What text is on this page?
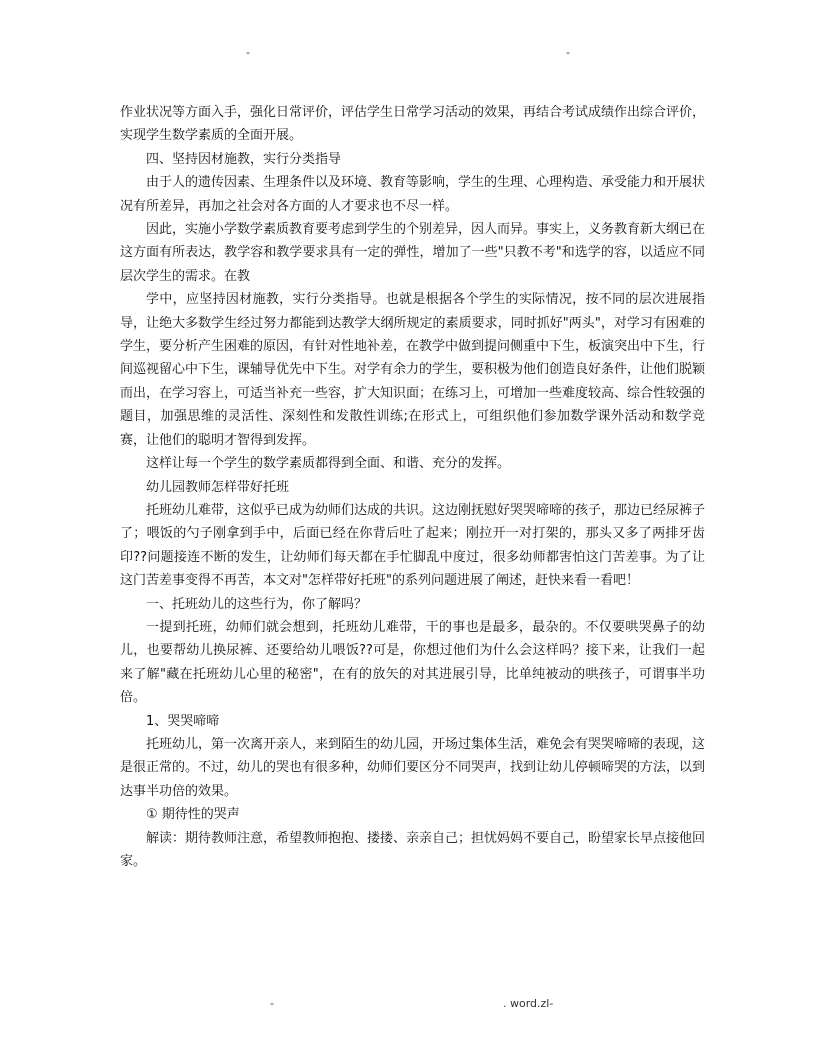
-	-

作业状况等方面入手，强化日常评价，评估学生日常学习活动的效果，再结合考试成绩作出综合评价，实现学生数学素质的全面开展。

四、坚持因材施教，实行分类指导

由于人的遗传因素、生理条件以及环境、教育等影响，学生的生理、心理构造、承受能力和开展状况有所差异，再加之社会对各方面的人才要求也不尽一样。

因此，实施小学数学素质教育要考虑到学生的个别差异，因人而异。事实上，义务教育新大纲已在这方面有所表达，教学容和教学要求具有一定的弹性，增加了一些"只教不考"和选学的容，以适应不同层次学生的需求。在教

学中，应坚持因材施教，实行分类指导。也就是根据各个学生的实际情况，按不同的层次进展指导，让绝大多数学生经过努力都能到达教学大纲所规定的素质要求，同时抓好"两头"，对学习有困难的学生，要分析产生困难的原因，有针对性地补差，在教学中做到提问侧重中下生，板演突出中下生，行间巡视留心中下生，课辅导优先中下生。对学有余力的学生，要积极为他们创造良好条件，让他们脱颖而出，在学习容上，可适当补充一些容，扩大知识面；在练习上，可增加一些难度较高、综合性较强的题目，加强思维的灵活性、深刻性和发散性训练;在形式上，可组织他们参加数学课外活动和数学竞赛，让他们的聪明才智得到发挥。

这样让每一个学生的数学素质都得到全面、和谐、充分的发挥。

幼儿园教师怎样带好托班

托班幼儿难带，这似乎已成为幼师们达成的共识。这边刚抚慰好哭哭啼啼的孩子，那边已经尿裤子了；喂饭的勺子刚拿到手中，后面已经在你背后吐了起来；刚拉开一对打架的，那头又多了两排牙齿印??问题接连不断的发生，让幼师们每天都在手忙脚乱中度过，很多幼师都害怕这门苦差事。为了让这门苦差事变得不再苦，本文对"怎样带好托班"的系列问题进展了阐述，赶快来看一看吧！

一、托班幼儿的这些行为，你了解吗？

一提到托班，幼师们就会想到，托班幼儿难带，干的事也是最多，最杂的。不仅要哄哭鼻子的幼儿，也要帮幼儿换尿裤、还要给幼儿喂饭??可是，你想过他们为什么会这样吗？接下来，让我们一起来了解"藏在托班幼儿心里的秘密"，在有的放矢的对其进展引导，比单纯被动的哄孩子，可谓事半功倍。

1、哭哭啼啼

托班幼儿，第一次离开亲人，来到陌生的幼儿园，开场过集体生活，难免会有哭哭啼啼的表现，这是很正常的。不过，幼儿的哭也有很多种，幼师们要区分不同哭声，找到让幼儿停顿啼哭的方法，以到达事半功倍的效果。

① 期待性的哭声

解读：期待教师注意，希望教师抱抱、搂搂、亲亲自己；担忧妈妈不要自己，盼望家长早点接他回家。

-	. word.zl-
